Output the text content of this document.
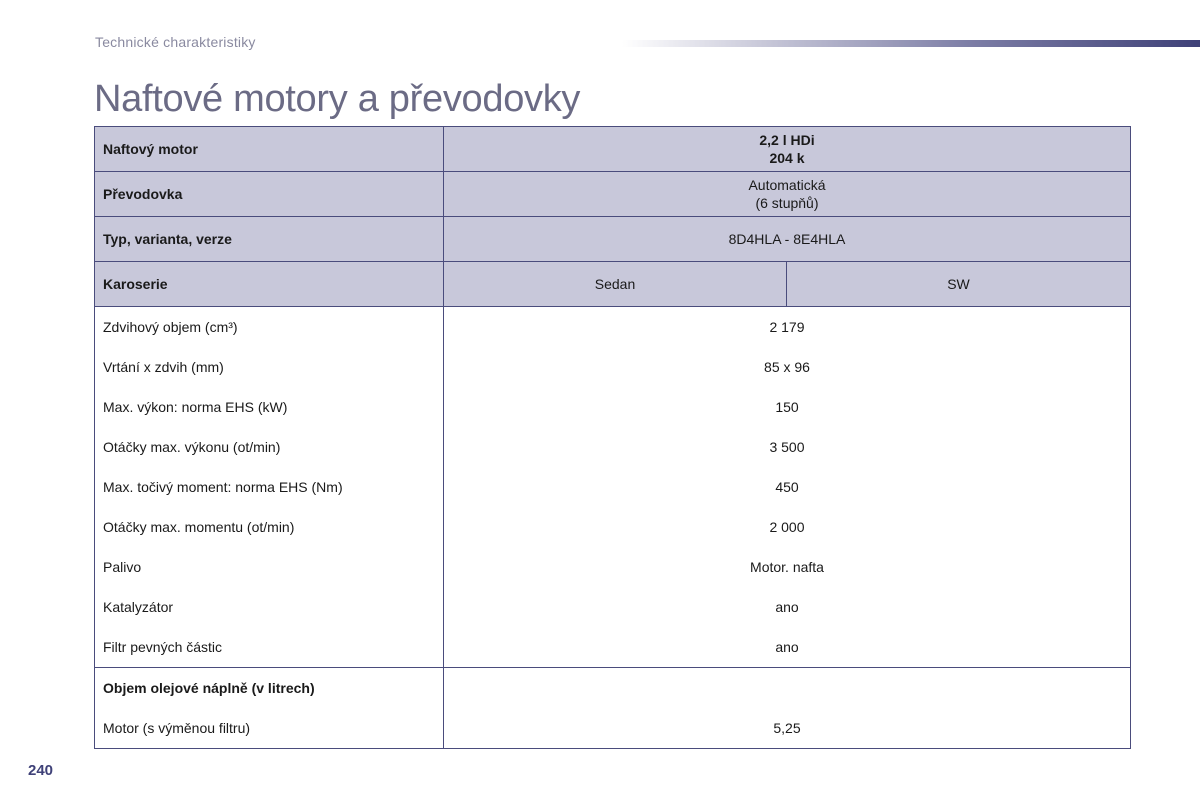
Technické charakteristiky
Naftové motory a převodovky
Naftový motor	2,2 l HDi
204 k	

Převodovka	Automatická
(6 stupňů)	

Typ, varianta, verze	8D4HLA - 8E4HLA	
Karoserie	Sedan	SW
Zdvihový objem (cm³)	2 179	
Vrtání x zdvih (mm)	85 x 96	
Max. výkon: norma EHS (kW)	150	
Otáčky max. výkonu (ot/min)	3 500	
Max. točivý moment: norma EHS (Nm)	450	
Otáčky max. momentu (ot/min)	2 000	
Palivo	Motor. nafta	
Katalyzátor	ano	
Filtr pevných částic	ano	
Objem olejové náplně (v litrech)		
Motor (s výměnou filtru)	5,25	
240
